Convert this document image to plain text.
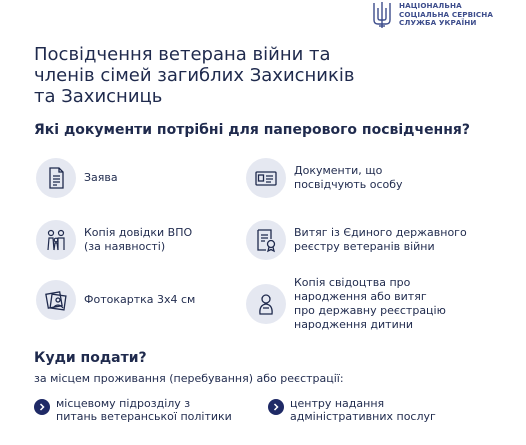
НАЦІОНАЛЬНА
СОЦІАЛЬНА СЕРВІСНА
СЛУЖБА УКРАЇНИ
Посвідчення ветерана війни та
членів сімей загиблих Захисників
та Захисниць
Які документи потрібні для паперового посвідчення?
Заява
Копія довідки ВПО
(за наявності)
Фотокартка 3х4 см
Документи, що
посвідчують особу
Витяг із Єдиного державного
реєстру ветеранів війни
Копія свідоцтва про
народження або витяг
про державну реєстрацію
народження дитини
Куди подати?
за місцем проживання (перебування) або реєстрації:
місцевому підрозділу з
питань ветеранської політики
центру надання
адміністративних послуг
